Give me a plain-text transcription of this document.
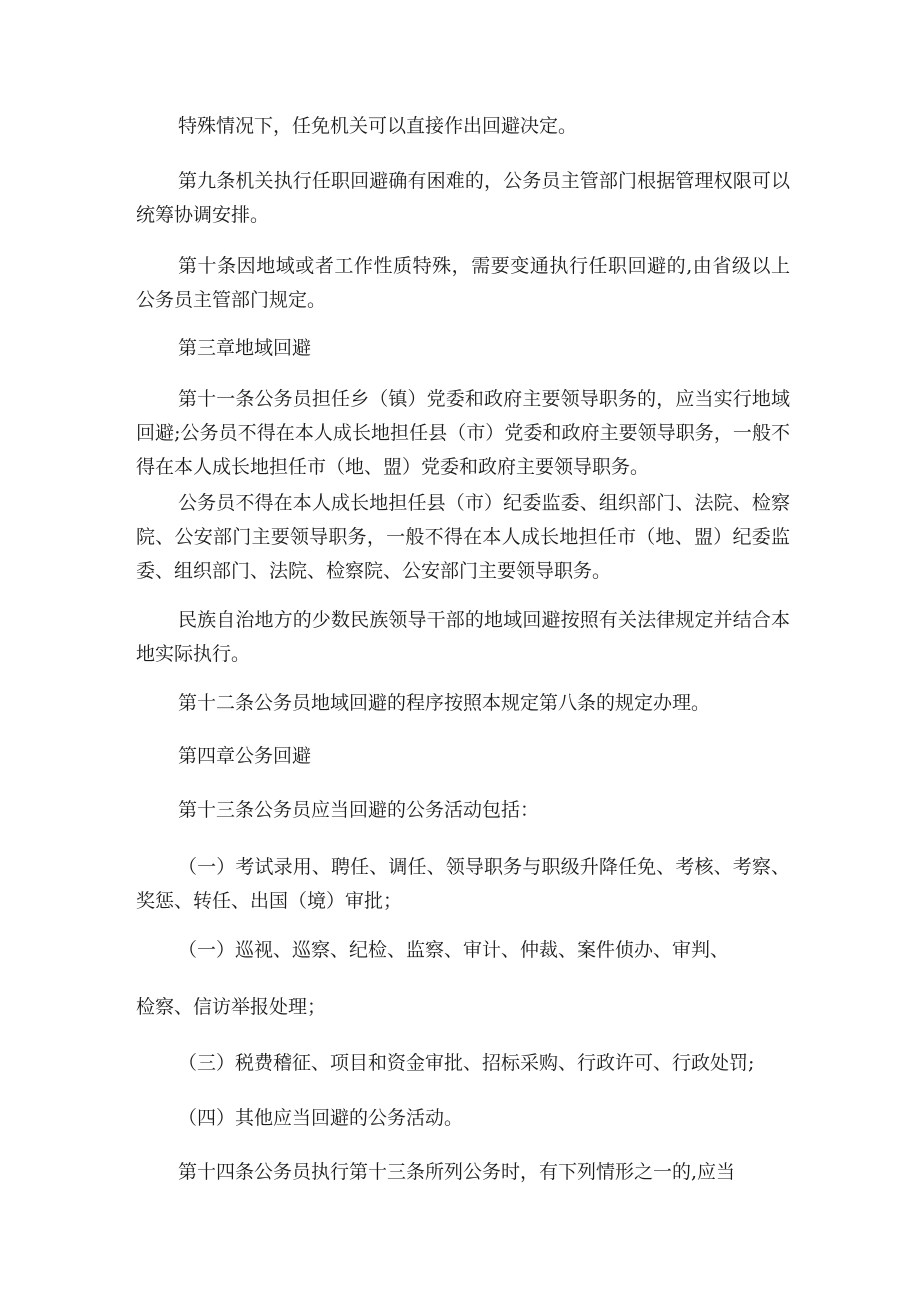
特殊情况下，任免机关可以直接作出回避决定。

第九条机关执行任职回避确有困难的，公务员主管部门根据管理权限可以统筹协调安排。

第十条因地域或者工作性质特殊，需要变通执行任职回避的,由省级以上公务员主管部门规定。

第三章地域回避

第十一条公务员担任乡（镇）党委和政府主要领导职务的，应当实行地域回避;公务员不得在本人成长地担任县（市）党委和政府主要领导职务，一般不得在本人成长地担任市（地、盟）党委和政府主要领导职务。

公务员不得在本人成长地担任县（市）纪委监委、组织部门、法院、检察院、公安部门主要领导职务，一般不得在本人成长地担任市（地、盟）纪委监委、组织部门、法院、检察院、公安部门主要领导职务。

民族自治地方的少数民族领导干部的地域回避按照有关法律规定并结合本地实际执行。

第十二条公务员地域回避的程序按照本规定第八条的规定办理。

第四章公务回避

第十三条公务员应当回避的公务活动包括：

（一）考试录用、聘任、调任、领导职务与职级升降任免、考核、考察、奖惩、转任、出国（境）审批；

（一）巡视、巡察、纪检、监察、审计、仲裁、案件侦办、审判、

检察、信访举报处理；

（三）税费稽征、项目和资金审批、招标采购、行政许可、行政处罚;

（四）其他应当回避的公务活动。

第十四条公务员执行第十三条所列公务时，有下列情形之一的,应当
